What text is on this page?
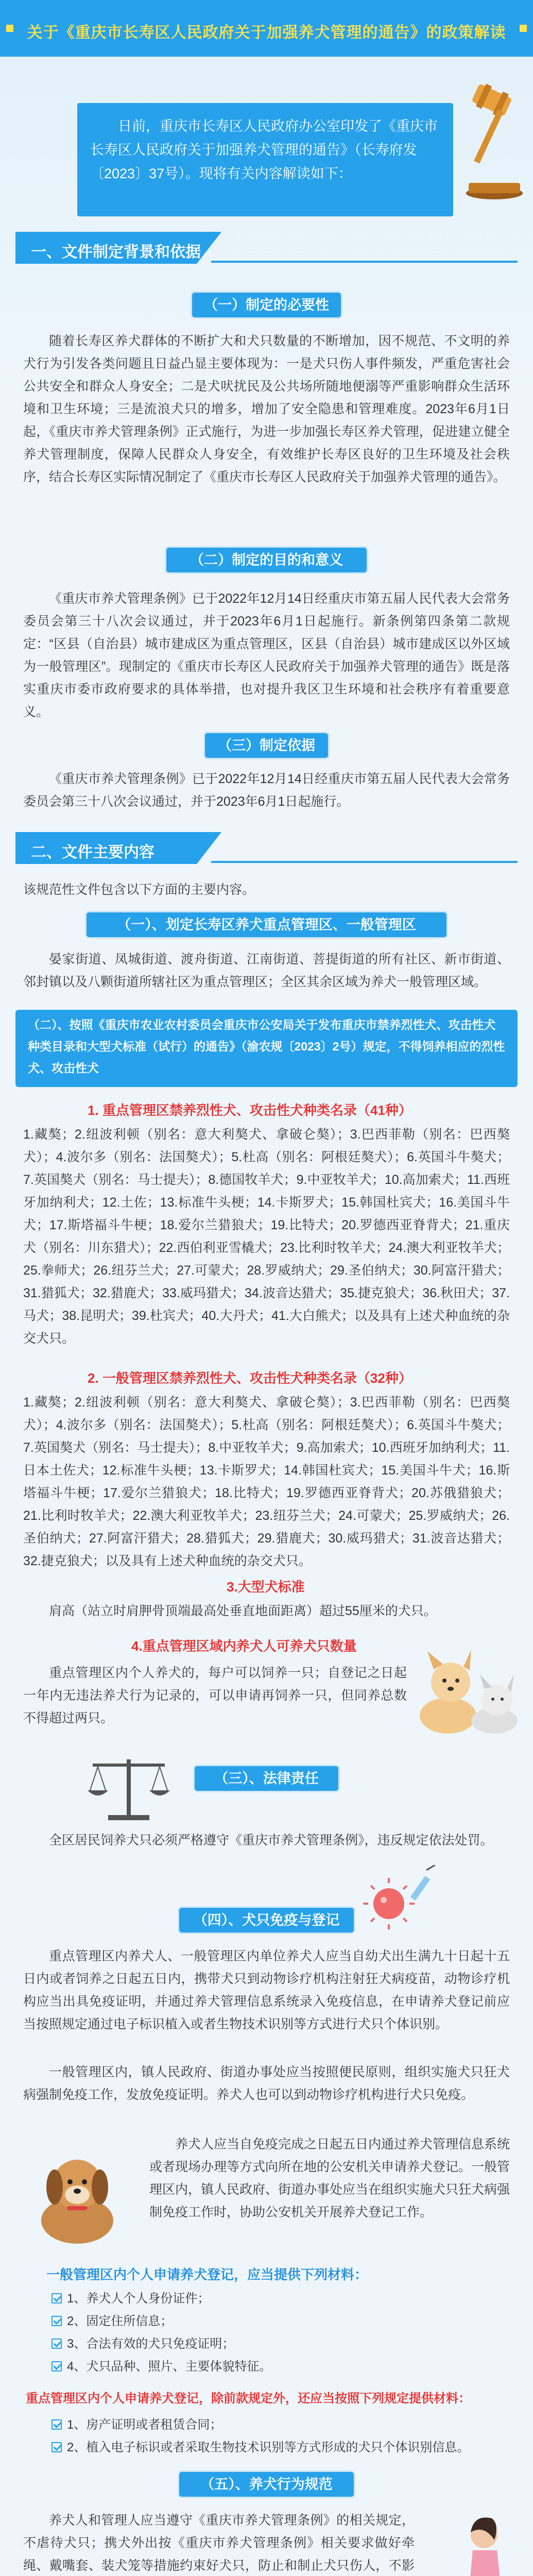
关于《重庆市长寿区人民政府关于加强养犬管理的通告》的政策解读
日前，重庆市长寿区人民政府办公室印发了《重庆市长寿区人民政府关于加强养犬管理的通告》（长寿府发〔2023〕37号）。现将有关内容解读如下：
一、文件制定背景和依据
（一）制定的必要性
随着长寿区养犬群体的不断扩大和犬只数量的不断增加，因不规范、不文明的养犬行为引发各类问题且日益凸显主要体现为：一是犬只伤人事件频发，严重危害社会公共安全和群众人身安全；二是犬吠扰民及公共场所随地便溺等严重影响群众生活环境和卫生环境；三是流浪犬只的增多，增加了安全隐患和管理难度。2023年6月1日起，《重庆市养犬管理条例》正式施行，为进一步加强长寿区养犬管理，促进建立健全养犬管理制度，保障人民群众人身安全，有效维护长寿区良好的卫生环境及社会秩序，结合长寿区实际情况制定了《重庆市长寿区人民政府关于加强养犬管理的通告》。
（二）制定的目的和意义
《重庆市养犬管理条例》已于2022年12月14日经重庆市第五届人民代表大会常务委员会第三十八次会议通过，并于2023年6月1日起施行。新条例第四条第二款规定：“区县（自治县）城市建成区为重点管理区，区县（自治县）城市建成区以外区域为一般管理区”。现制定的《重庆市长寿区人民政府关于加强养犬管理的通告》既是落实重庆市委市政府要求的具体举措，也对提升我区卫生环境和社会秩序有着重要意义。
（三）制定依据
《重庆市养犬管理条例》已于2022年12月14日经重庆市第五届人民代表大会常务委员会第三十八次会议通过，并于2023年6月1日起施行。
二、文件主要内容
该规范性文件包含以下方面的主要内容。
（一）、划定长寿区养犬重点管理区、一般管理区
晏家街道、凤城街道、渡舟街道、江南街道、菩提街道的所有社区、新市街道、邻封镇以及八颗街道所辖社区为重点管理区；全区其余区域为养犬一般管理区域。
（二）、按照《重庆市农业农村委员会重庆市公安局关于发布重庆市禁养烈性犬、攻击性犬种类目录和大型犬标准（试行）的通告》（渝农规〔2023〕2号）规定，不得饲养相应的烈性犬、攻击性犬
1. 重点管理区禁养烈性犬、攻击性犬种类名录（41种）
1.藏獒；2.纽波利顿（别名：意大利獒犬、拿破仑獒）；3.巴西菲勒（别名：巴西獒犬）；4.波尔多（别名：法国獒犬）；5.杜高（别名：阿根廷獒犬）；6.英国斗牛獒犬；7.英国獒犬（别名：马士提夫）；8.德国牧羊犬；9.中亚牧羊犬；10.高加索犬；11.西班牙加纳利犬；12.土佐；13.标准牛头梗；14.卡斯罗犬；15.韩国杜宾犬；16.美国斗牛犬；17.斯塔福斗牛梗；18.爱尔兰猎狼犬；19.比特犬；20.罗德西亚脊背犬；21.重庆犬（别名：川东猎犬）；22.西伯利亚雪橇犬；23.比利时牧羊犬；24.澳大利亚牧羊犬；25.拳师犬；26.纽芬兰犬；27.可蒙犬；28.罗威纳犬；29.圣伯纳犬；30.阿富汗猎犬；31.猎狐犬；32.猎鹿犬；33.威玛猎犬；34.波音达猎犬；35.捷克狼犬；36.秋田犬；37.马犬；38.昆明犬；39.杜宾犬；40.大丹犬；41.大白熊犬；以及具有上述犬种血统的杂交犬只。
2. 一般管理区禁养烈性犬、攻击性犬种类名录（32种）
1.藏獒；2.纽波利顿（别名：意大利獒犬、拿破仑獒）；3.巴西菲勒（别名：巴西獒犬）；4.波尔多（别名：法国獒犬）；5.杜高（别名：阿根廷獒犬）；6.英国斗牛獒犬；7.英国獒犬（别名：马士提夫）；8.中亚牧羊犬；9.高加索犬；10.西班牙加纳利犬；11.日本土佐犬；12.标准牛头梗；13.卡斯罗犬；14.韩国杜宾犬；15.美国斗牛犬；16.斯塔福斗牛梗；17.爱尔兰猎狼犬；18.比特犬；19.罗德西亚脊背犬；20.苏俄猎狼犬；21.比利时牧羊犬；22.澳大利亚牧羊犬；23.纽芬兰犬；24.可蒙犬；25.罗威纳犬；26.圣伯纳犬；27.阿富汗猎犬；28.猎狐犬；29.猎鹿犬；30.威玛猎犬；31.波音达猎犬；32.捷克狼犬；以及具有上述犬种血统的杂交犬只。
3.大型犬标准
肩高（站立时肩胛骨顶端最高处垂直地面距离）超过55厘米的犬只。
4.重点管理区域内养犬人可养犬只数量
重点管理区内个人养犬的，每户可以饲养一只；自登记之日起一年内无违法养犬行为记录的，可以申请再饲养一只，但同养总数不得超过两只。
（三）、法律责任
全区居民饲养犬只必须严格遵守《重庆市养犬管理条例》，违反规定依法处罚。
（四）、犬只免疫与登记
重点管理区内养犬人、一般管理区内单位养犬人应当自幼犬出生满九十日起十五日内或者饲养之日起五日内，携带犬只到动物诊疗机构注射狂犬病疫苗，动物诊疗机构应当出具免疫证明，并通过养犬管理信息系统录入免疫信息，在申请养犬登记前应当按照规定通过电子标识植入或者生物技术识别等方式进行犬只个体识别。
一般管理区内，镇人民政府、街道办事处应当按照便民原则，组织实施犬只狂犬病强制免疫工作，发放免疫证明。养犬人也可以到动物诊疗机构进行犬只免疫。
养犬人应当自免疫完成之日起五日内通过养犬管理信息系统或者现场办理等方式向所在地的公安机关申请养犬登记。一般管理区内，镇人民政府、街道办事处应当在组织实施犬只狂犬病强制免疫工作时，协助公安机关开展养犬登记工作。
一般管理区内个人申请养犬登记，应当提供下列材料：
1、养犬人个人身份证件；
2、固定住所信息；
3、合法有效的犬只免疫证明；
4、犬只品种、照片、主要体貌特征。
重点管理区内个人申请养犬登记，除前款规定外，还应当按照下列规定提供材料：
1、房产证明或者租赁合同；
2、植入电子标识或者采取生物技术识别等方式形成的犬只个体识别信息。
（五）、养犬行为规范
养犬人和管理人应当遵守《重庆市养犬管理条例》的相关规定，不虐待犬只；携犬外出按《重庆市养犬管理条例》相关要求做好牵绳、戴嘴套、装犬笼等措施约束好犬只，防止和制止犬只伤人，不影
